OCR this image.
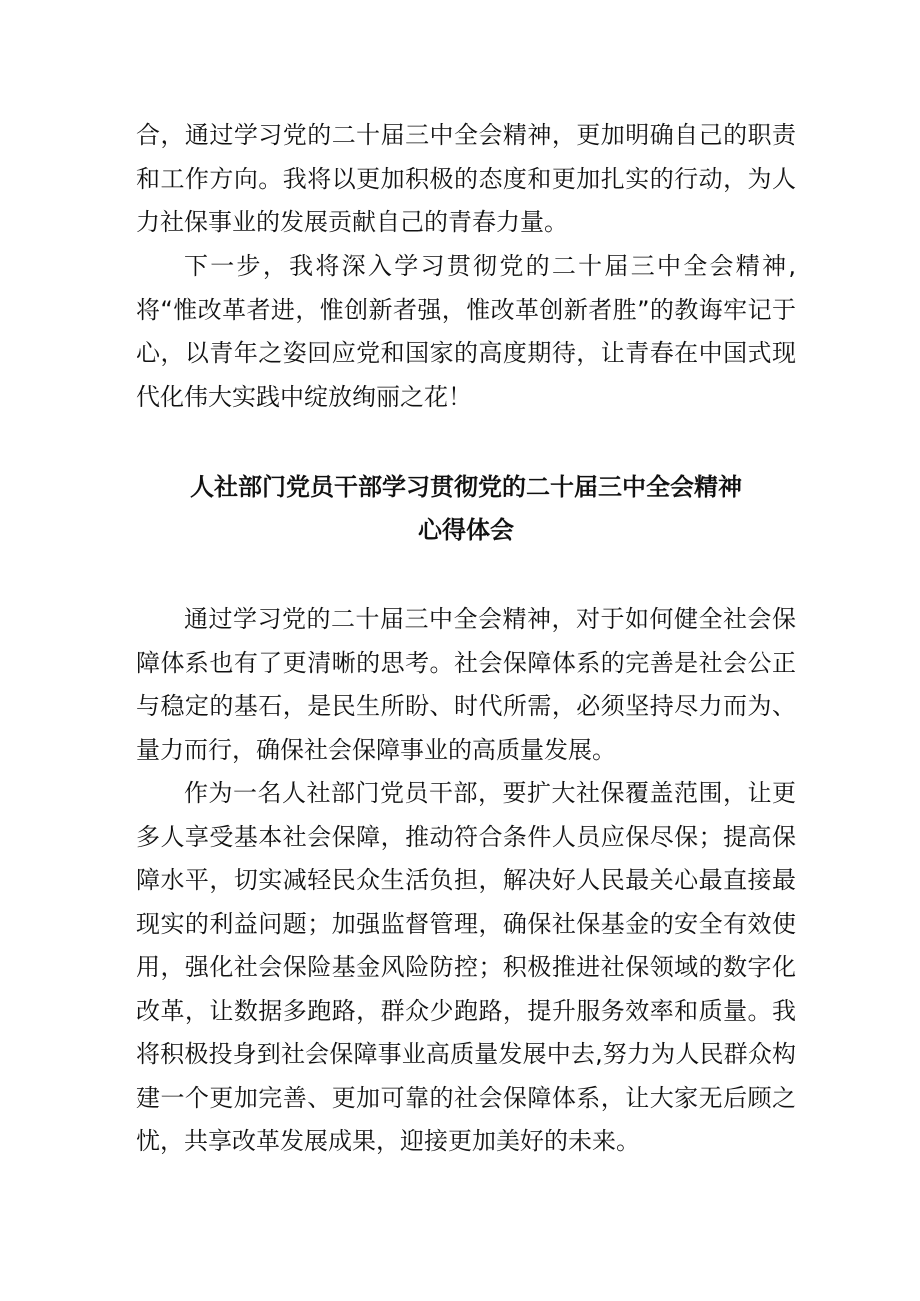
合，通过学习党的二十届三中全会精神，更加明确自己的职责和工作方向。我将以更加积极的态度和更加扎实的行动，为人力社保事业的发展贡献自己的青春力量。

下一步，我将深入学习贯彻党的二十届三中全会精神,将“惟改革者进，惟创新者强，惟改革创新者胜”的教诲牢记于心，以青年之姿回应党和国家的高度期待，让青春在中国式现代化伟大实践中绽放绚丽之花！

人社部门党员干部学习贯彻党的二十届三中全会精神
心得体会

通过学习党的二十届三中全会精神，对于如何健全社会保障体系也有了更清晰的思考。社会保障体系的完善是社会公正与稳定的基石，是民生所盼、时代所需，必须坚持尽力而为、量力而行，确保社会保障事业的高质量发展。

作为一名人社部门党员干部，要扩大社保覆盖范围，让更多人享受基本社会保障，推动符合条件人员应保尽保；提高保障水平，切实减轻民众生活负担，解决好人民最关心最直接最现实的利益问题；加强监督管理，确保社保基金的安全有效使用，强化社会保险基金风险防控；积极推进社保领域的数字化改革，让数据多跑路，群众少跑路，提升服务效率和质量。我将积极投身到社会保障事业高质量发展中去,努力为人民群众构建一个更加完善、更加可靠的社会保障体系，让大家无后顾之忧，共享改革发展成果，迎接更加美好的未来。
